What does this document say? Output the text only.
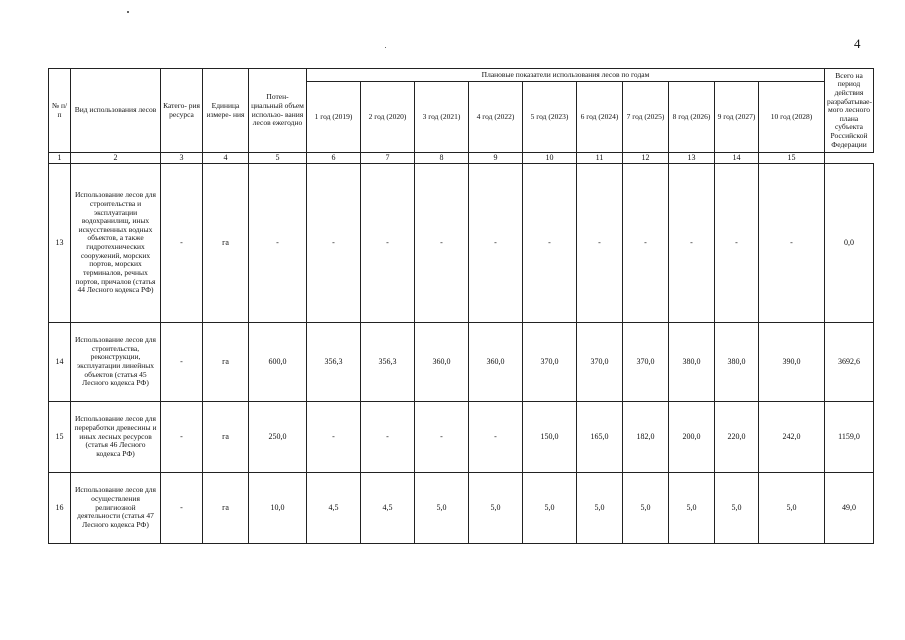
4
№ п/ п	Вид использования лесов	Катего- рия ресурса	Единица измере- ния	Потен- циальный объем использо- вания лесов ежегодно	Плановые показатели использования лесов по годам										Всего на период действия разрабатывае- мого лесного плана субъекта Российской Федерации
					1 год (2019)	2 год (2020)	3 год (2021)	4 год (2022)	5 год (2023)	6 год (2024)	7 год (2025)	8 год (2026)	9 год (2027)	10 год (2028)	
1	2	3	4	5	6	7	8	9	10	11	12	13	14	15	
13	Использование лесов для строительства и эксплуатации водохранилищ, иных искусственных водных объектов, а также гидротехнических сооружений, морских портов, морских терминалов, речных портов, причалов (статья 44 Лесного кодекса РФ)	-	га	-	-	-	-	-	-	-	-	-	-	-	0,0
14	Использование лесов для строительства, реконструкции, эксплуатации линейных объектов (статья 45 Лесного кодекса РФ)	-	га	600,0	356,3	356,3	360,0	360,0	370,0	370,0	370,0	380,0	380,0	390,0	3692,6
15	Использование лесов для переработки древесины и иных лесных ресурсов (статья 46 Лесного кодекса РФ)	-	га	250,0	-	-	-	-	150,0	165,0	182,0	200,0	220,0	242,0	1159,0
16	Использование лесов для осуществления религиозной деятельности (статья 47 Лесного кодекса РФ)	-	га	10,0	4,5	4,5	5,0	5,0	5,0	5,0	5,0	5,0	5,0	5,0	49,0
